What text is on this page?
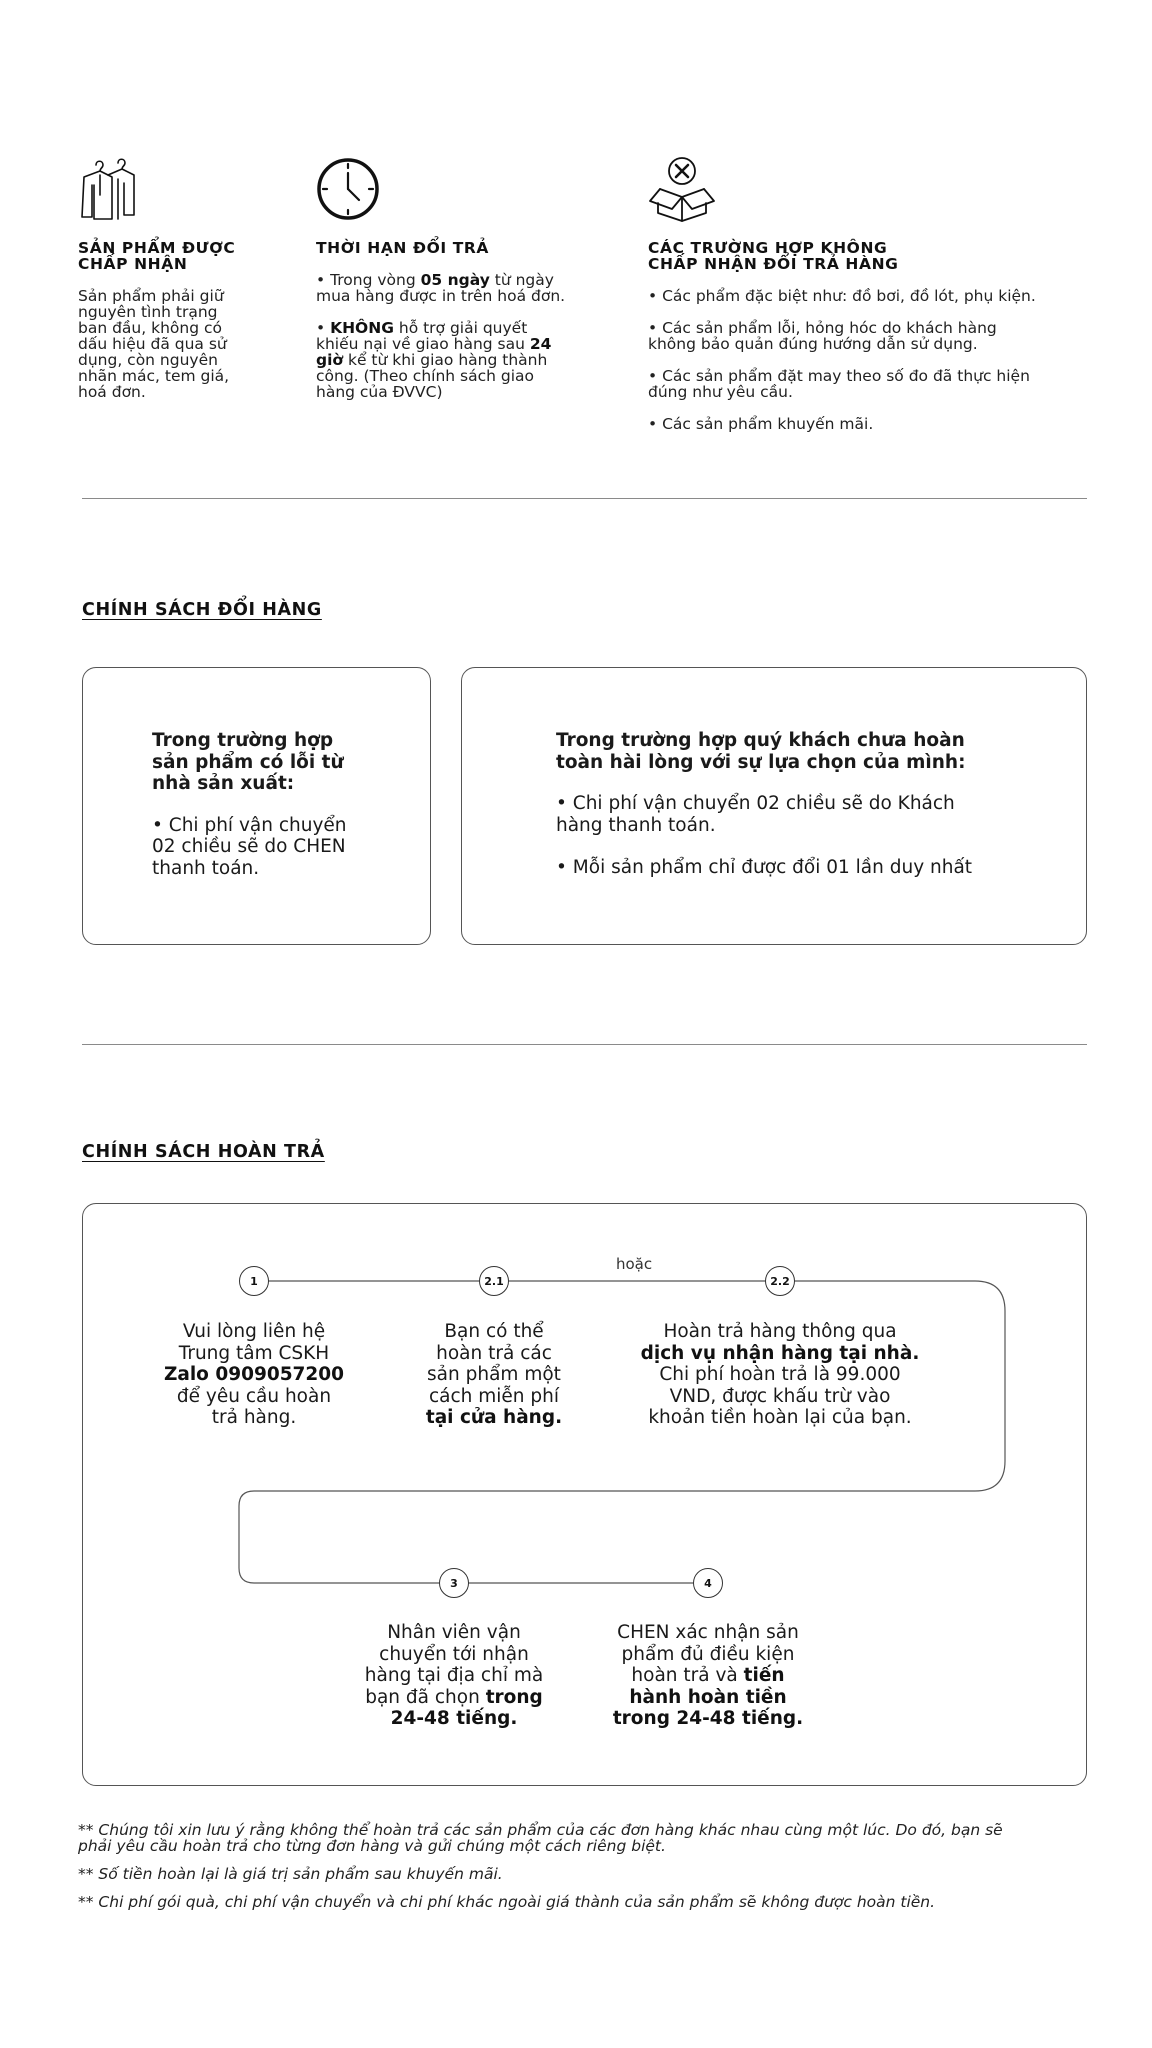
SẢN PHẨM ĐƯỢC
CHẤP NHẬN
Sản phẩm phải giữ
nguyên tình trạng
ban đầu, không có
dấu hiệu đã qua sử
dụng, còn nguyên
nhãn mác, tem giá,
hoá đơn.
THỜI HẠN ĐỔI TRẢ

• Trong vòng 05 ngày từ ngày
mua hàng được in trên hoá đơn.

• KHÔNG hỗ trợ giải quyết
khiếu nại về giao hàng sau 24
giờ kể từ khi giao hàng thành
công. (Theo chính sách giao
hàng của ĐVVC)

CÁC TRƯỜNG HỢP KHÔNG
CHẤP NHẬN ĐỔI TRẢ HÀNG

• Các phẩm đặc biệt như: đồ bơi, đồ lót, phụ kiện.

• Các sản phẩm lỗi, hỏng hóc do khách hàng
không bảo quản đúng hướng dẫn sử dụng.

• Các sản phẩm đặt may theo số đo đã thực hiện
đúng như yêu cầu.

• Các sản phẩm khuyến mãi.

CHÍNH SÁCH ĐỔI HÀNG
Trong trường hợp
sản phẩm có lỗi từ
nhà sản xuất:
• Chi phí vận chuyển
02 chiều sẽ do CHEN
thanh toán.
Trong trường hợp quý khách chưa hoàn
toàn hài lòng với sự lựa chọn của mình:
• Chi phí vận chuyển 02 chiều sẽ do Khách
hàng thanh toán.
• Mỗi sản phẩm chỉ được đổi 01 lần duy nhất
CHÍNH SÁCH HOÀN TRẢ
hoặc
1
Vui lòng liên hệ
Trung tâm CSKH
Zalo 0909057200
để yêu cầu hoàn
trả hàng.
2.1
Bạn có thể
hoàn trả các
sản phẩm một
cách miễn phí
tại cửa hàng.
2.2
Hoàn trả hàng thông qua
dịch vụ nhận hàng tại nhà.
Chi phí hoàn trả là 99.000
VND, được khấu trừ vào
khoản tiền hoàn lại của bạn.
3
Nhân viên vận
chuyển tới nhận
hàng tại địa chỉ mà
bạn đã chọn trong
24-48 tiếng.
4
CHEN xác nhận sản
phẩm đủ điều kiện
hoàn trả và tiến
hành hoàn tiền
trong 24-48 tiếng.

** Chúng tôi xin lưu ý rằng không thể hoàn trả các sản phẩm của các đơn hàng khác nhau cùng một lúc. Do đó, bạn sẽ
phải yêu cầu hoàn trả cho từng đơn hàng và gửi chúng một cách riêng biệt.

** Số tiền hoàn lại là giá trị sản phẩm sau khuyến mãi.

** Chi phí gói quà, chi phí vận chuyển và chi phí khác ngoài giá thành của sản phẩm sẽ không được hoàn tiền.
